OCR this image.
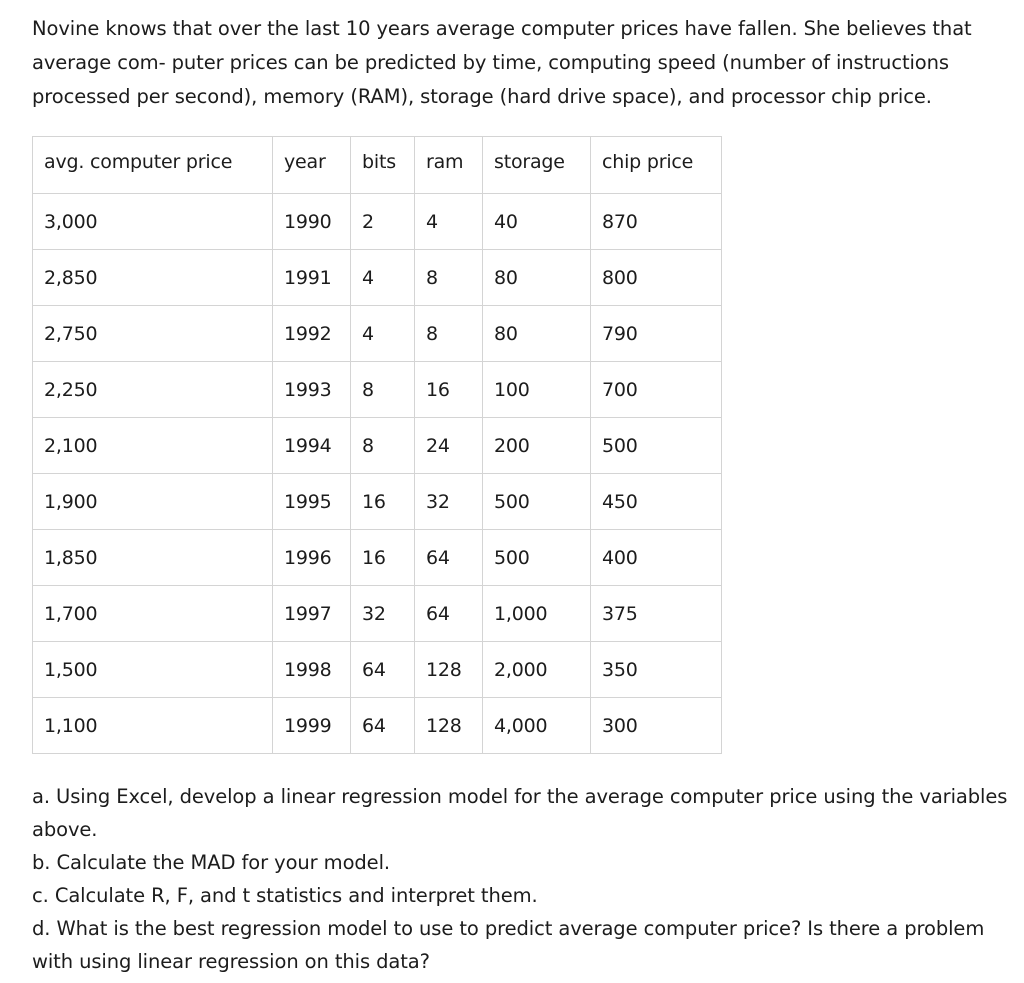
Novine knows that over the last 10 years average computer prices have fallen. She believes that average com- puter prices can be predicted by time, computing speed (number of instructions processed per second), memory (RAM), storage (hard drive space), and processor chip price.

avg. computer price	year	bits	ram	storage	chip price
3,000	1990	2	4	40	870
2,850	1991	4	8	80	800
2,750	1992	4	8	80	790
2,250	1993	8	16	100	700
2,100	1994	8	24	200	500
1,900	1995	16	32	500	450
1,850	1996	16	64	500	400
1,700	1997	32	64	1,000	375
1,500	1998	64	128	2,000	350
1,100	1999	64	128	4,000	300

a. Using Excel, develop a linear regression model for the average computer price using the variables above.

b. Calculate the MAD for your model.

c. Calculate R, F, and t statistics and interpret them.

d. What is the best regression model to use to predict average computer price? Is there a problem with using linear regression on this data?
